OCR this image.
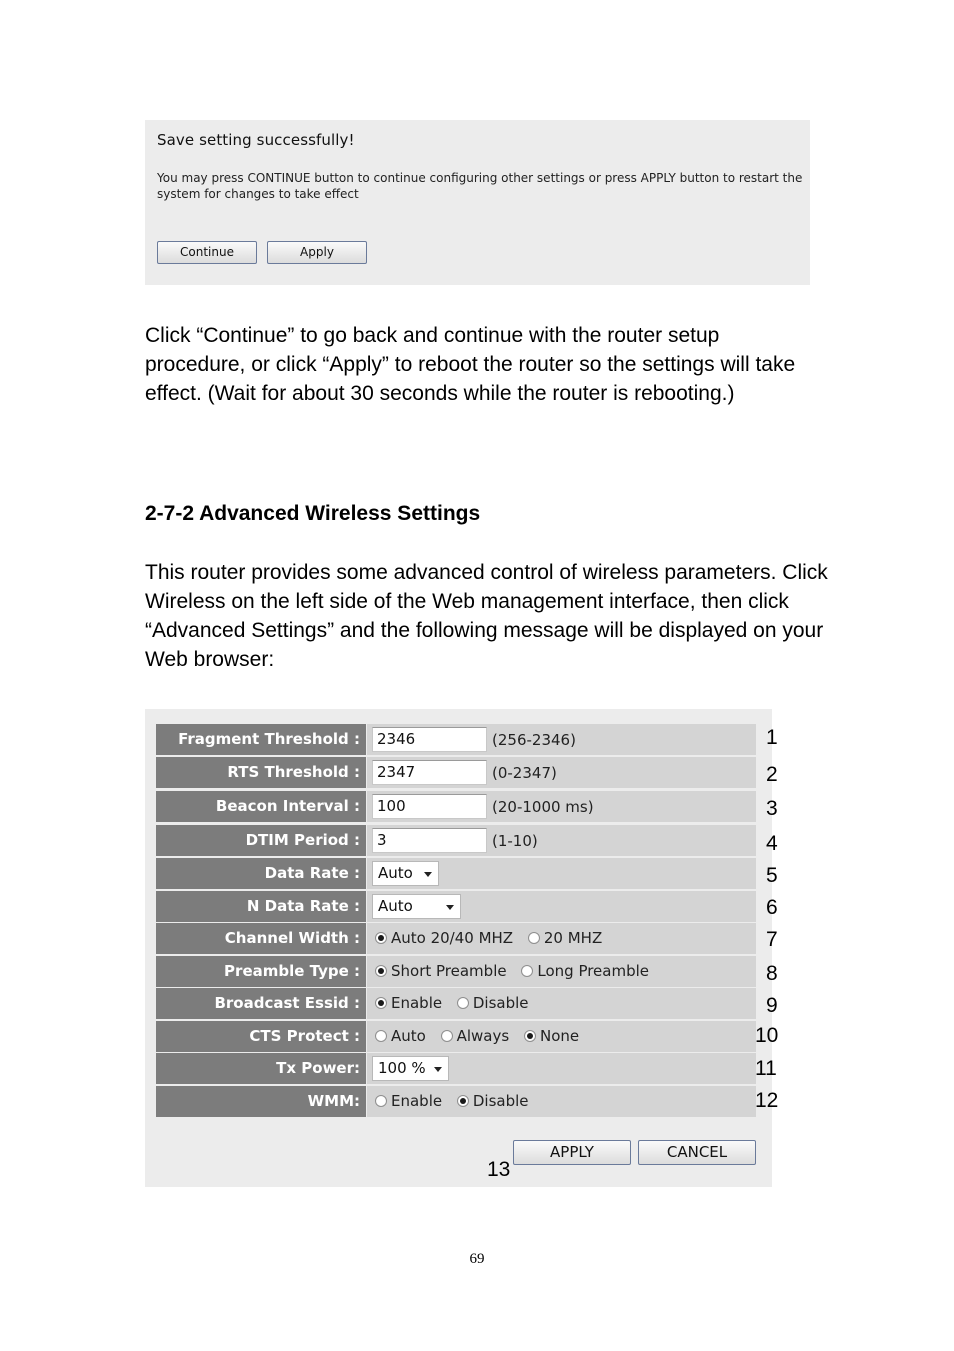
Save setting successfully!
You may press CONTINUE button to continue configuring other settings or press APPLY button to restart the system for changes to take effect
Continue	Apply
Click “Continue” to go back and continue with the router setup procedure, or click “Apply” to reboot the router so the settings will take effect. (Wait for about 30 seconds while the router is rebooting.)
2-7-2 Advanced Wireless Settings
This router provides some advanced control of wireless parameters. Click Wireless on the left side of the Web management interface, then click “Advanced Settings” and the following message will be displayed on your Web browser:
Fragment Threshold :	2346	(256-2346)
RTS Threshold :	2347	(0-2347)
Beacon Interval :	100	(20-1000 ms)
DTIM Period :	3	(1-10)
Data Rate :	Auto
N Data Rate :	Auto
Channel Width :	Auto 20/40 MHZ 20 MHZ
Preamble Type :	Short Preamble Long Preamble
Broadcast Essid :	Enable Disable
CTS Protect :	Auto Always None
Tx Power:	100 %
WMM:	Enable Disable
APPLY	CANCEL
1
2
3
4
5
6
7
8
9
10
11
12
13
69
